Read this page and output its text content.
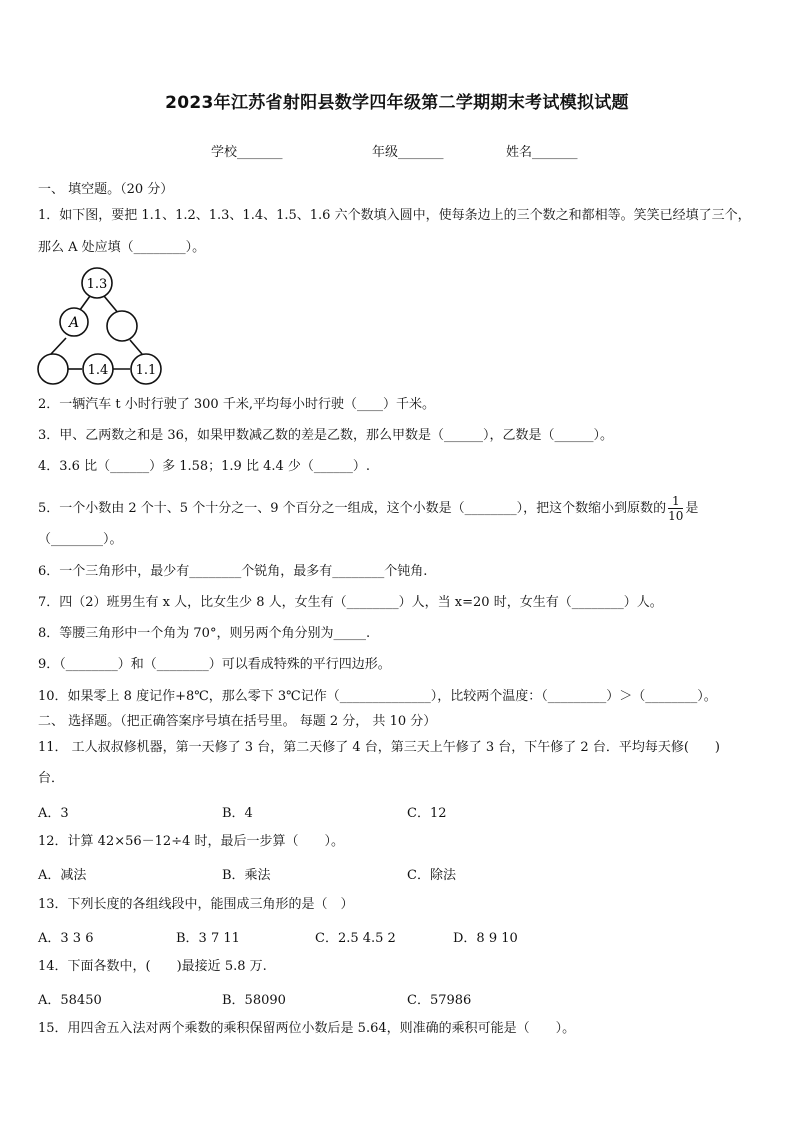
2023年江苏省射阳县数学四年级第二学期期末考试模拟试题
学校_______	年级_______	姓名_______
一、 填空题。（20 分）
1．如下图，要把 1.1、1.2、1.3、1.4、1.5、1.6 六个数填入圆中，使每条边上的三个数之和都相等。笑笑已经填了三个，
那么 A 处应填（________）。
1.3
A
1.4 1.1
2．一辆汽车 t 小时行驶了 300 千米,平均每小时行驶（____）千米。
3．甲、乙两数之和是 36，如果甲数减乙数的差是乙数，那么甲数是（______），乙数是（______）。
4．3.6 比（______）多 1.58；1.9 比 4.4 少（______）.
5．一个小数由 2 个十、5 个十分之一、9 个百分之一组成，这个小数是（________），把这个数缩小到原数的 $\frac{1}{10}$ 是
（________）。
6．一个三角形中，最少有________个锐角，最多有________个钝角.
7．四（2）班男生有 x 人，比女生少 8 人，女生有（________）人，当 x=20 时，女生有（________）人。
8．等腰三角形中一个角为 70°，则另两个角分别为_____.
9．（________）和（________）可以看成特殊的平行四边形。
10．如果零上 8 度记作+8℃，那么零下 3℃记作（______________），比较两个温度：（_________）＞（________）。
二、 选择题。（把正确答案序号填在括号里。 每题 2 分， 共 10 分）
11． 工人叔叔修机器，第一天修了 3 台，第二天修了 4 台，第三天上午修了 3 台，下午修了 2 台．平均每天修(　　)
台．
A．3	B．4	C．12
12．计算 42×56－12÷4 时，最后一步算（　　）。
A．减法	B．乘法	C．除法
13．下列长度的各组线段中，能围成三角形的是（　）
A．3 3 6	B．3 7 11	C．2.5 4.5 2	D．8 9 10
14．下面各数中，(　　)最接近 5.8 万.
A．58450	B．58090	C．57986
15．用四舍五入法对两个乘数的乘积保留两位小数后是 5.64，则准确的乘积可能是（　　）。
